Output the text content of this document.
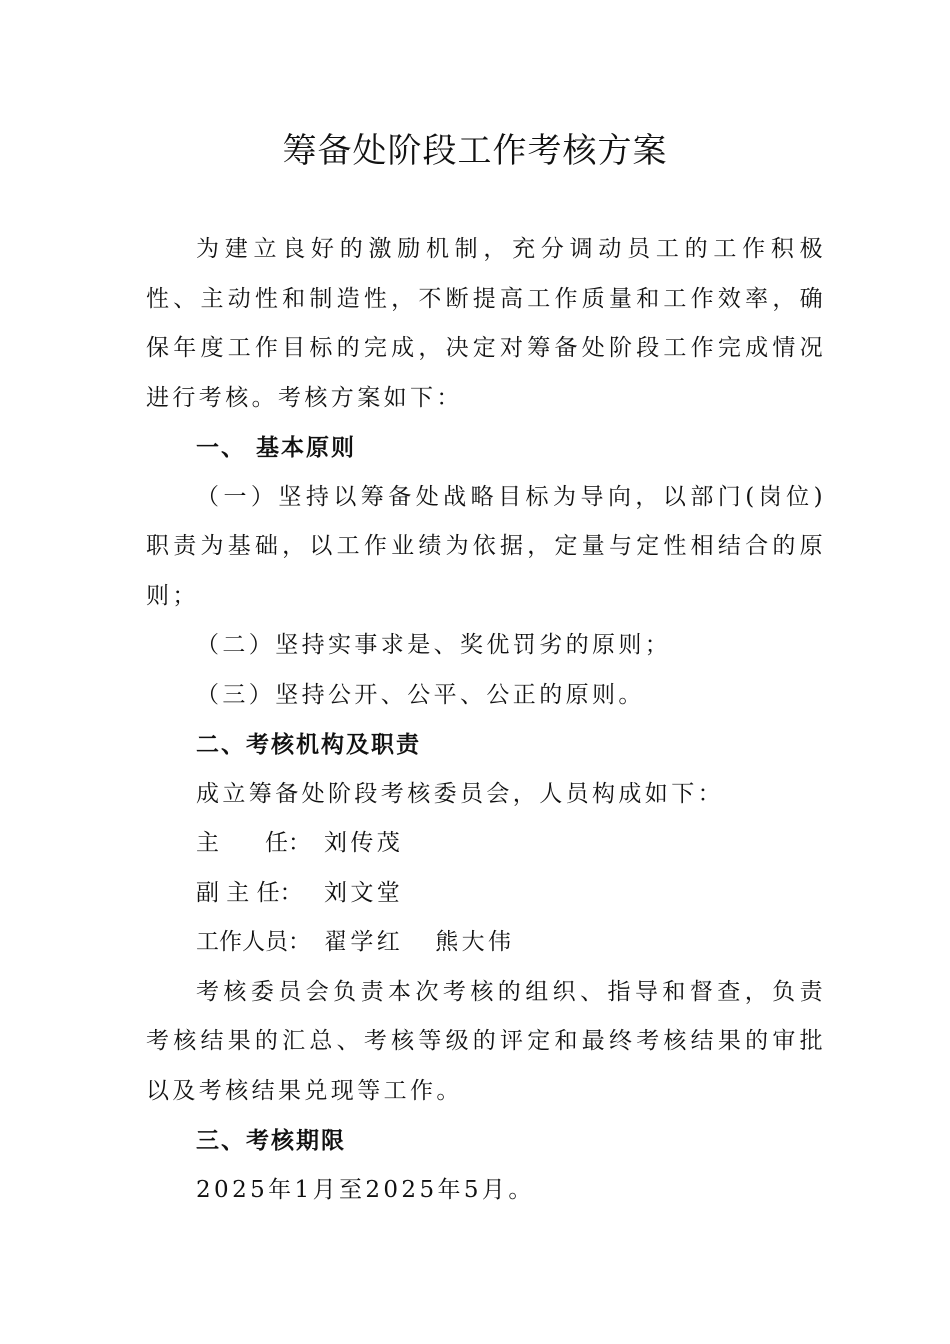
筹备处阶段工作考核方案

为建立良好的激励机制，充分调动员工的工作积极性、主动性和制造性，不断提高工作质量和工作效率，确保年度工作目标的完成，决定对筹备处阶段工作完成情况进行考核。考核方案如下：

一、 基本原则

（一）坚持以筹备处战略目标为导向，以部门(岗位)职责为基础，以工作业绩为依据，定量与定性相结合的原则；

（二）坚持实事求是、奖优罚劣的原则；

（三）坚持公开、公平、公正的原则。

二、考核机构及职责

成立筹备处阶段考核委员会，人员构成如下：

主　　任： 刘传茂

副 主 任： 刘文堂

工作人员： 翟学红 熊大伟

考核委员会负责本次考核的组织、指导和督查，负责考核结果的汇总、考核等级的评定和最终考核结果的审批以及考核结果兑现等工作。

三、考核期限

2025年1月至2025年5月。
